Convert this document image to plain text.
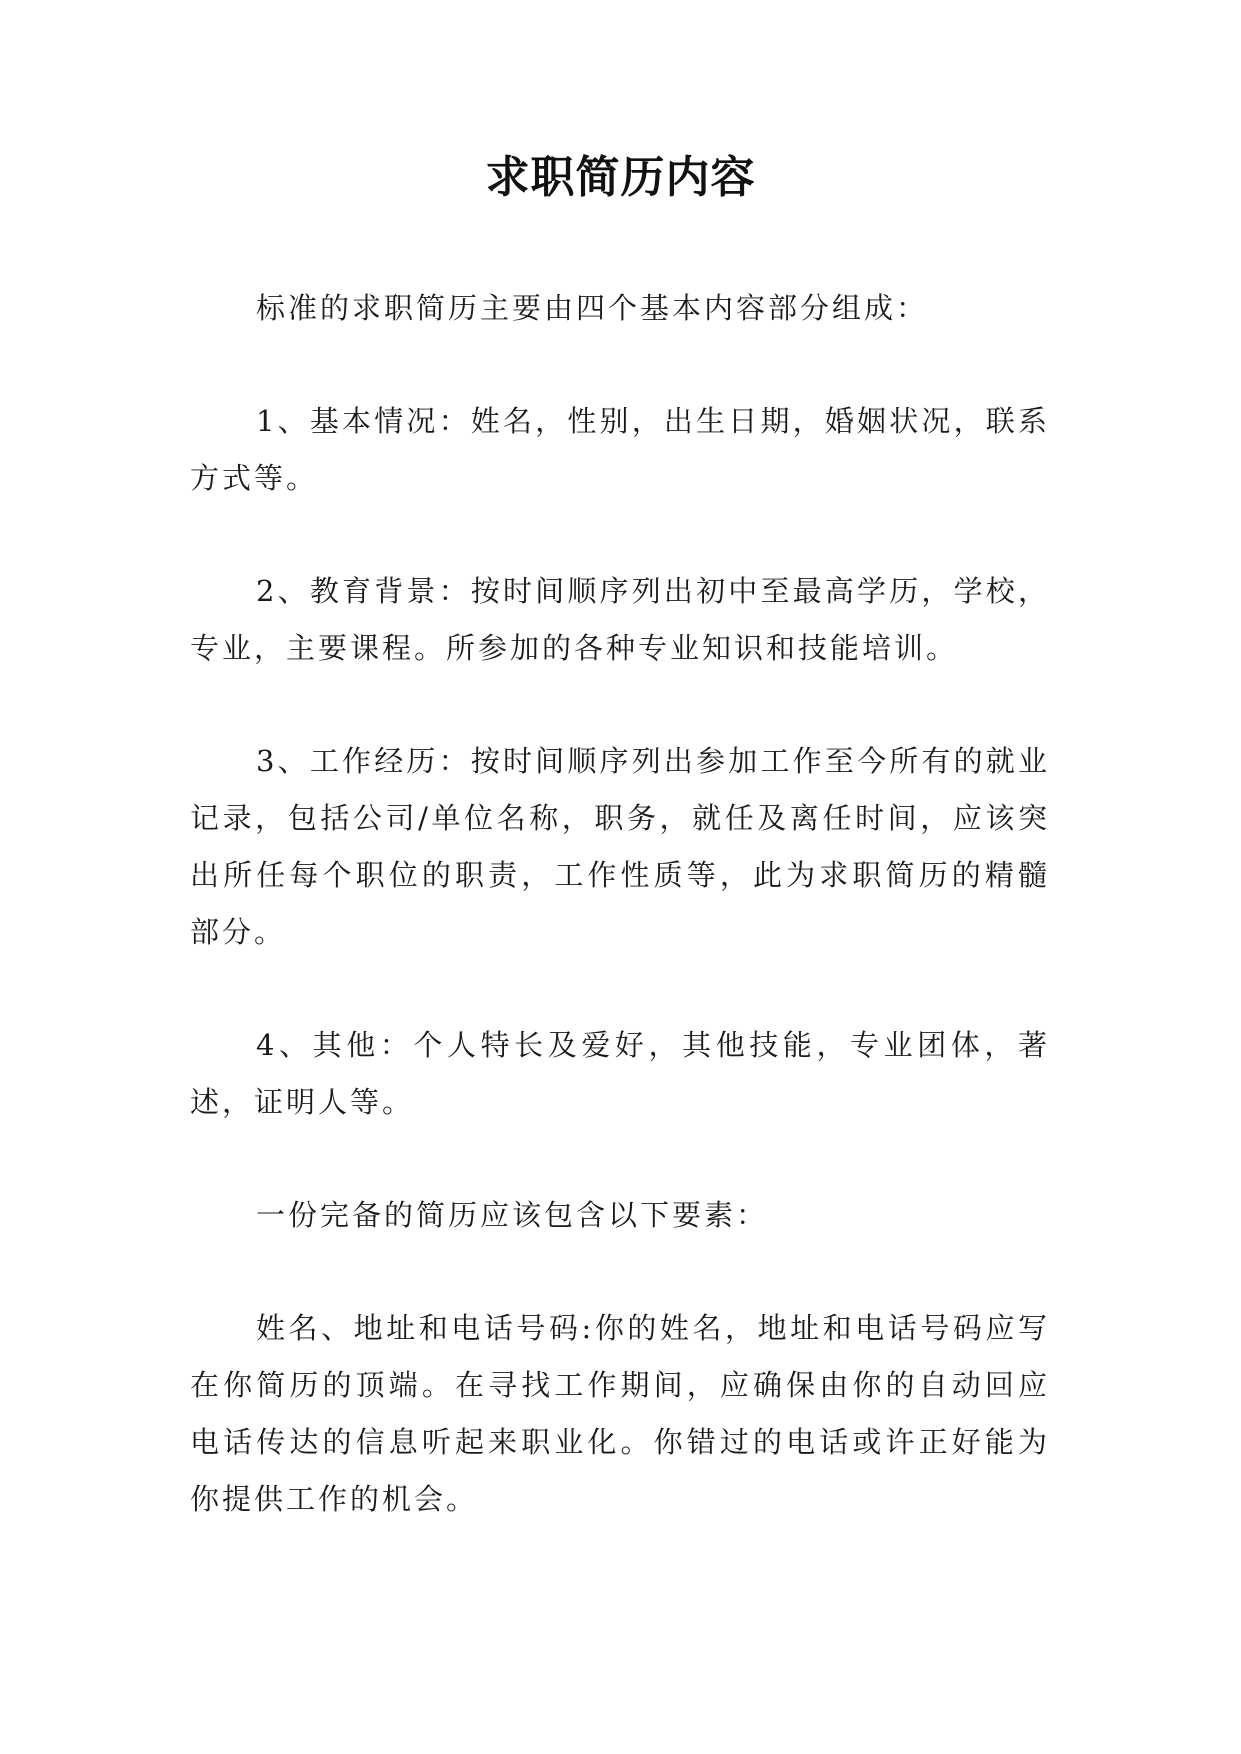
求职简历内容

标准的求职简历主要由四个基本内容部分组成：

1、基本情况：姓名，性别，出生日期，婚姻状况，联系方式等。

2、教育背景：按时间顺序列出初中至最高学历，学校，专业，主要课程。所参加的各种专业知识和技能培训。

3、工作经历：按时间顺序列出参加工作至今所有的就业记录，包括公司/单位名称，职务，就任及离任时间，应该突出所任每个职位的职责，工作性质等，此为求职简历的精髓部分。

4、其他：个人特长及爱好，其他技能，专业团体，著述，证明人等。

一份完备的简历应该包含以下要素：

姓名、地址和电话号码:你的姓名，地址和电话号码应写在你简历的顶端。在寻找工作期间，应确保由你的自动回应电话传达的信息听起来职业化。你错过的电话或许正好能为你提供工作的机会。
